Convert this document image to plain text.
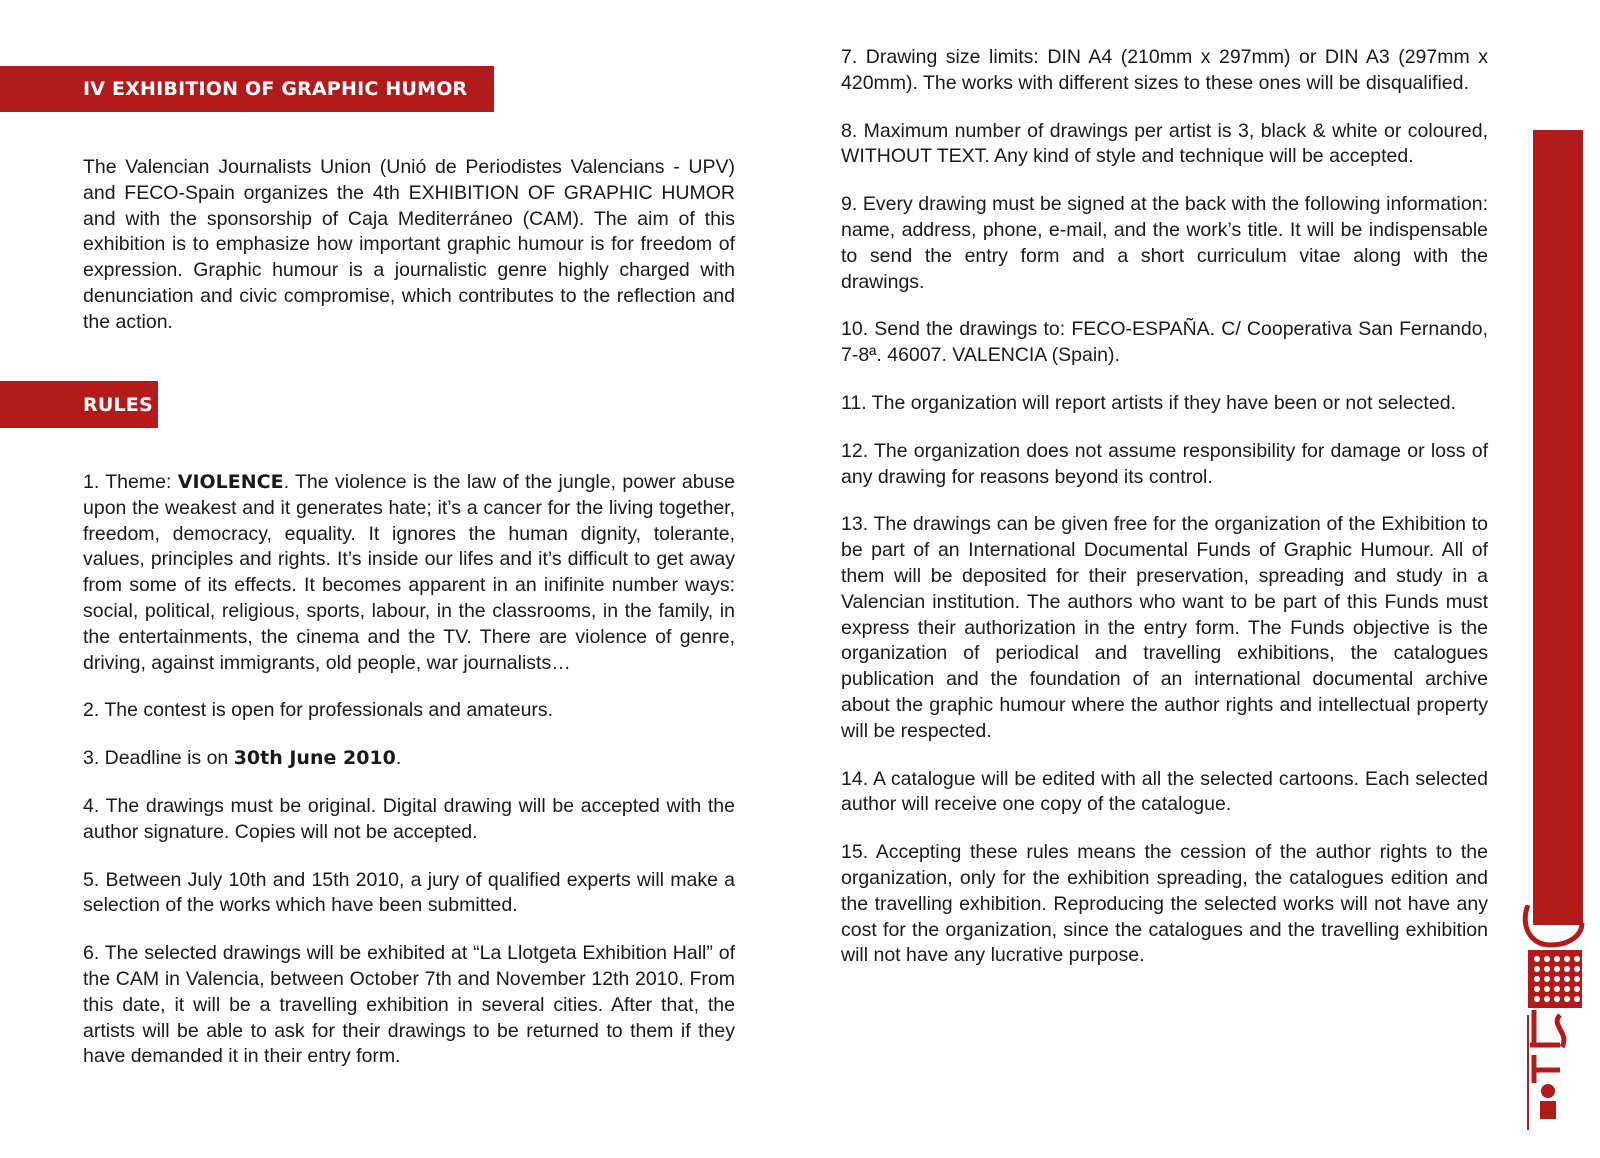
IV EXHIBITION OF GRAPHIC HUMOR

The Valencian Journalists Union (Unió de Periodistes Valencians - UPV) and FECO-Spain organizes the 4th EXHIBITION OF GRAPHIC HUMOR and with the sponsorship of Caja Mediterráneo (CAM). The aim of this exhibition is to emphasize how important graphic humour is for freedom of expression. Graphic humour is a journalistic genre highly charged with denunciation and civic compromise, which contributes to the reflection and the action.

RULES

1. Theme: VIOLENCE. The violence is the law of the jungle, power abuse upon the weakest and it generates hate; it’s a cancer for the living together, freedom, democracy, equality. It ignores the human dignity, tolerante, values, principles and rights. It’s inside our lifes and it’s difficult to get away from some of its effects. It becomes apparent in an inifinite number ways: social, political, religious, sports, labour, in the classrooms, in the family, in the entertainments, the cinema and the TV. There are violence of genre, driving, against immigrants, old people, war journalists…

2. The contest is open for professionals and amateurs.

3. Deadline is on 30th June 2010.

4. The drawings must be original. Digital drawing will be accepted with the author signature. Copies will not be accepted.

5. Between July 10th and 15th 2010, a jury of qualified experts will make a selection of the works which have been submitted.

6. The selected drawings will be exhibited at “La Llotgeta Exhibition Hall” of the CAM in Valencia, between October 7th and November 12th 2010. From this date, it will be a travelling exhibition in several cities. After that, the artists will be able to ask for their drawings to be returned to them if they have demanded it in their entry form.

7. Drawing size limits: DIN A4 (210mm x 297mm) or DIN A3 (297mm x 420mm). The works with different sizes to these ones will be disqualified.

8. Maximum number of drawings per artist is 3, black & white or coloured, WITHOUT TEXT. Any kind of style and technique will be accepted.

9. Every drawing must be signed at the back with the following information: name, address, phone, e-mail, and the work’s title. It will be indispensable to send the entry form and a short curriculum vitae along with the drawings.

10. Send the drawings to: FECO-ESPAÑA. C/ Cooperativa San Fernando, 7-8ª. 46007. VALENCIA (Spain).

11. The organization will report artists if they have been or not selected.

12. The organization does not assume responsibility for damage or loss of any drawing for reasons beyond its control.

13. The drawings can be given free for the organization of the Exhibition to be part of an International Documental Funds of Graphic Humour. All of them will be deposited for their preservation, spreading and study in a Valencian institution. The authors who want to be part of this Funds must express their authorization in the entry form. The Funds objective is the organization of periodical and travelling exhibitions, the catalogues publication and the foundation of an international documental archive about the graphic humour where the author rights and intellectual property will be respected.

14. A catalogue will be edited with all the selected cartoons. Each selected author will receive one copy of the catalogue.

15. Accepting these rules means the cession of the author rights to the organization, only for the exhibition spreading, the catalogues edition and the travelling exhibition. Reproducing the selected works will not have any cost for the organization, since the catalogues and the travelling exhibition will not have any lucrative purpose.
